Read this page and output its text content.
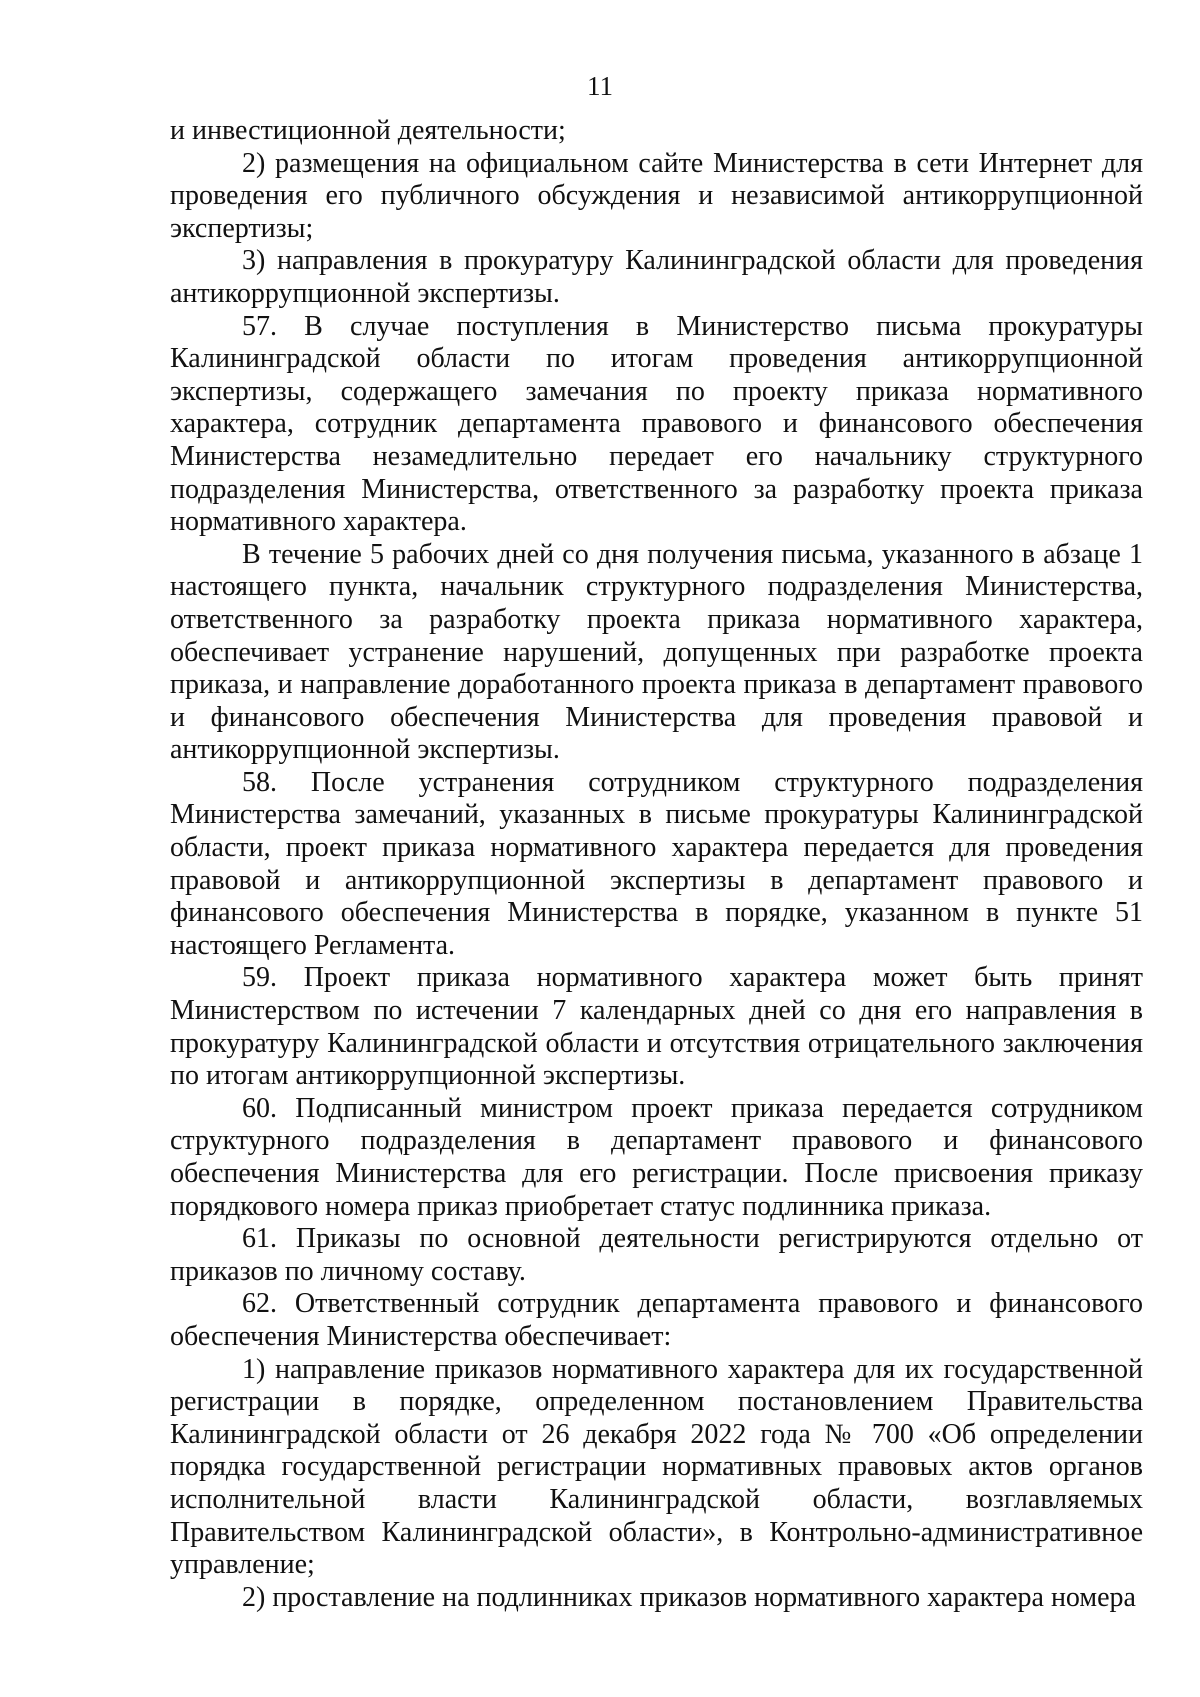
11

и инвестиционной деятельности;

2) размещения на официальном сайте Министерства в сети Интернет для проведения его публичного обсуждения и независимой антикоррупционной экспертизы;

3) направления в прокуратуру Калининградской области для проведения антикоррупционной экспертизы.

57. В случае поступления в Министерство письма прокуратуры Калининградской области по итогам проведения антикоррупционной экспертизы, содержащего замечания по проекту приказа нормативного характера, сотрудник департамента правового и финансового обеспечения Министерства незамедлительно передает его начальнику структурного подразделения Министерства, ответственного за разработку проекта приказа нормативного характера.

В течение 5 рабочих дней со дня получения письма, указанного в абзаце 1 настоящего пункта, начальник структурного подразделения Министерства, ответственного за разработку проекта приказа нормативного характера, обеспечивает устранение нарушений, допущенных при разработке проекта приказа, и направление доработанного проекта приказа в департамент правового и финансового обеспечения Министерства для проведения правовой и антикоррупционной экспертизы.

58. После устранения сотрудником структурного подразделения Министерства замечаний, указанных в письме прокуратуры Калининградской области, проект приказа нормативного характера передается для проведения правовой и антикоррупционной экспертизы в департамент правового и финансового обеспечения Министерства в порядке, указанном в пункте 51 настоящего Регламента.

59. Проект приказа нормативного характера может быть принят Министерством по истечении 7 календарных дней со дня его направления в прокуратуру Калининградской области и отсутствия отрицательного заключения по итогам антикоррупционной экспертизы.

60. Подписанный министром проект приказа передается сотрудником структурного подразделения в департамент правового и финансового обеспечения Министерства для его регистрации. После присвоения приказу порядкового номера приказ приобретает статус подлинника приказа.

61. Приказы по основной деятельности регистрируются отдельно от приказов по личному составу.

62. Ответственный сотрудник департамента правового и финансового обеспечения Министерства обеспечивает:

1) направление приказов нормативного характера для их государственной регистрации в порядке, определенном постановлением Правительства Калининградской области от 26 декабря 2022 года № 700 «Об определении порядка государственной регистрации нормативных правовых актов органов исполнительной власти Калининградской области, возглавляемых Правительством Калининградской области», в Контрольно-административное управление;

2) проставление на подлинниках приказов нормативного характера номера
